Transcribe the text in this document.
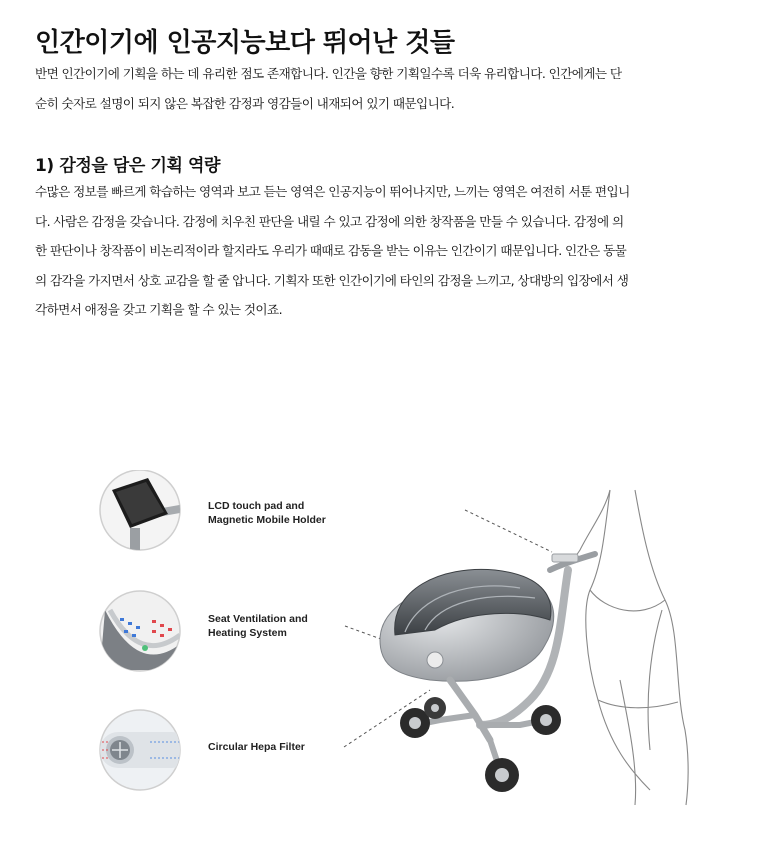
인간이기에 인공지능보다 뛰어난 것들

반면 인간이기에 기획을 하는 데 유리한 점도 존재합니다. 인간을 향한 기획일수록 더욱 유리합니다. 인간에게는 단
순히 숫자로 설명이 되지 않은 복잡한 감정과 영감들이 내재되어 있기 때문입니다.

1) 감정을 담은 기획 역량

수많은 정보를 빠르게 학습하는 영역과 보고 듣는 영역은 인공지능이 뛰어나지만, 느끼는 영역은 여전히 서툰 편입니
다. 사람은 감정을 갖습니다. 감정에 치우친 판단을 내릴 수 있고 감정에 의한 창작품을 만들 수 있습니다. 감정에 의
한 판단이나 창작품이 비논리적이라 할지라도 우리가 때때로 감동을 받는 이유는 인간이기 때문입니다. 인간은 동물
의 감각을 가지면서 상호 교감을 할 줄 압니다. 기획자 또한 인간이기에 타인의 감정을 느끼고, 상대방의 입장에서 생
각하면서 애정을 갖고 기획을 할 수 있는 것이죠.

LCD touch pad and
Magnetic Mobile Holder

Seat Ventilation and
Heating System

Circular Hepa Filter
